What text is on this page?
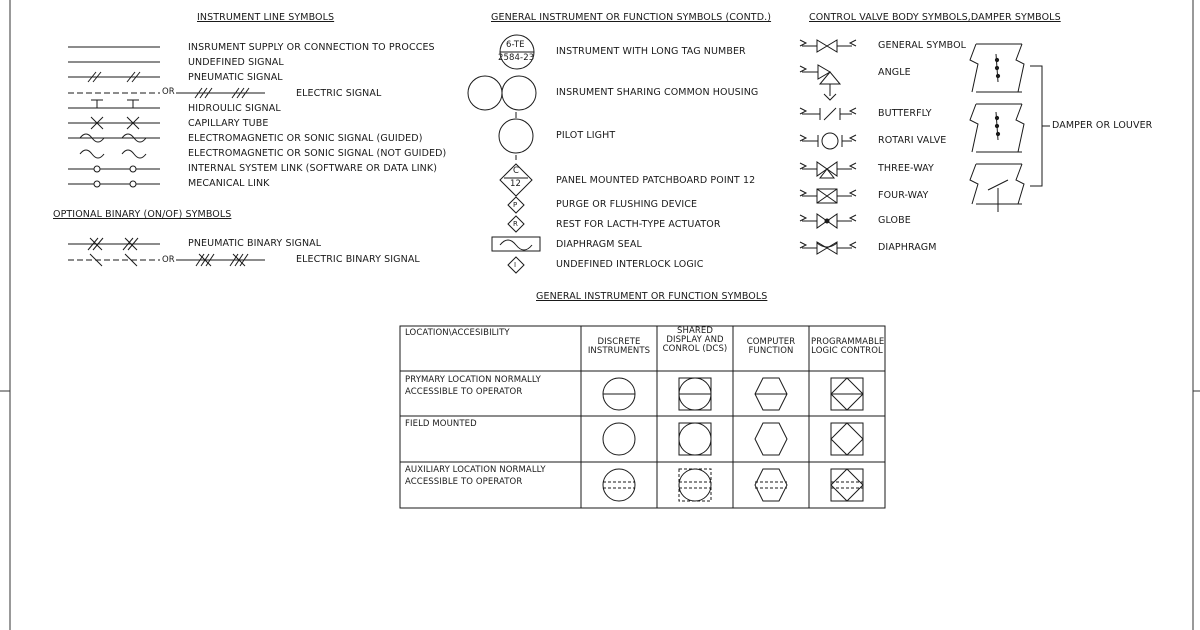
INSTRUMENT LINE SYMBOLS
INSRUMENT SUPPLY OR CONNECTION TO PROCCES
UNDEFINED SIGNAL
PNEUMATIC SIGNAL
OR	ELECTRIC SIGNAL
HIDROULIC SIGNAL
CAPILLARY TUBE
ELECTROMAGNETIC OR SONIC SIGNAL (GUIDED)
ELECTROMAGNETIC OR SONIC SIGNAL (NOT GUIDED)
INTERNAL SYSTEM LINK (SOFTWARE OR DATA LINK)
MECANICAL LINK
OPTIONAL BINARY (ON/OF) SYMBOLS
PNEUMATIC BINARY SIGNAL
OR	ELECTRIC BINARY SIGNAL
GENERAL INSTRUMENT OR FUNCTION SYMBOLS (CONTD.)
6-TE
2584-23
C
12
P
R
I
INSTRUMENT WITH LONG TAG NUMBER
INSRUMENT SHARING COMMON HOUSING
PILOT LIGHT
PANEL MOUNTED PATCHBOARD POINT 12
PURGE OR FLUSHING DEVICE
REST FOR LACTH-TYPE ACTUATOR
DIAPHRAGM SEAL
UNDEFINED INTERLOCK LOGIC
CONTROL VALVE BODY SYMBOLS,DAMPER SYMBOLS
GENERAL SYMBOL
ANGLE
BUTTERFLY
ROTARI VALVE
THREE-WAY
FOUR-WAY
GLOBE
DIAPHRAGM
DAMPER OR LOUVER
GENERAL INSTRUMENT OR FUNCTION SYMBOLS
LOCATION\ACCESIBILITY
DISCRETE INSTRUMENTS
SHARED DISPLAY AND CONROL (DCS)
COMPUTER FUNCTION
PROGRAMMABLE LOGIC CONTROL
PRYMARY LOCATION NORMALLY ACCESSIBLE TO OPERATOR
FIELD MOUNTED
AUXILIARY LOCATION NORMALLY ACCESSIBLE TO OPERATOR
